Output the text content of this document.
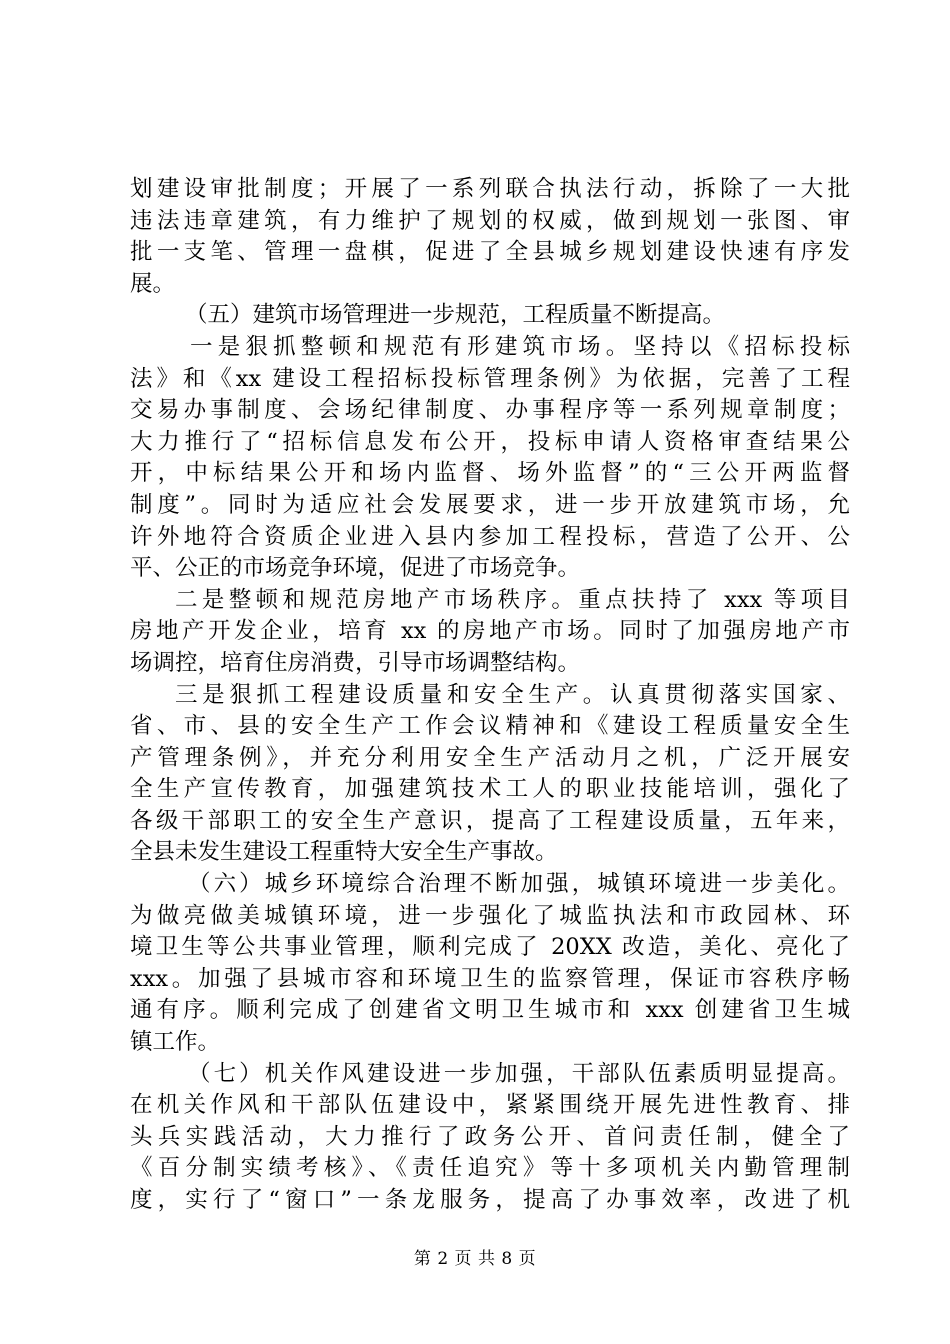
划建设审批制度；开展了一系列联合执法行动，拆除了一大批
违法违章建筑，有力维护了规划的权威，做到规划一张图、审
批一支笔、管理一盘棋，促进了全县城乡规划建设快速有序发
展。
（五）建筑市场管理进一步规范，工程质量不断提高。
一是狠抓整顿和规范有形建筑市场。坚持以《招标投标
法》和《xx 建设工程招标投标管理条例》为依据，完善了工程
交易办事制度、会场纪律制度、办事程序等一系列规章制度；
大力推行了“招标信息发布公开，投标申请人资格审查结果公
开，中标结果公开和场内监督、场外监督”的“三公开两监督
制度”。同时为适应社会发展要求，进一步开放建筑市场，允
许外地符合资质企业进入县内参加工程投标，营造了公开、公
平、公正的市场竞争环境，促进了市场竞争。
二是整顿和规范房地产市场秩序。重点扶持了 xxx 等项目
房地产开发企业，培育 xx 的房地产市场。同时了加强房地产市
场调控，培育住房消费，引导市场调整结构。
三是狠抓工程建设质量和安全生产。认真贯彻落实国家、
省、市、县的安全生产工作会议精神和《建设工程质量安全生
产管理条例》，并充分利用安全生产活动月之机，广泛开展安
全生产宣传教育，加强建筑技术工人的职业技能培训，强化了
各级干部职工的安全生产意识，提高了工程建设质量，五年来，
全县未发生建设工程重特大安全生产事故。
（六）城乡环境综合治理不断加强，城镇环境进一步美化。
为做亮做美城镇环境，进一步强化了城监执法和市政园林、环
境卫生等公共事业管理，顺利完成了 20XX 改造，美化、亮化了
xxx。加强了县城市容和环境卫生的监察管理，保证市容秩序畅
通有序。顺利完成了创建省文明卫生城市和 xxx 创建省卫生城
镇工作。
（七）机关作风建设进一步加强，干部队伍素质明显提高。
在机关作风和干部队伍建设中，紧紧围绕开展先进性教育、排
头兵实践活动，大力推行了政务公开、首问责任制，健全了
《百分制实绩考核》、《责任追究》等十多项机关内勤管理制
度，实行了“窗口”一条龙服务，提高了办事效率，改进了机
第 2 页 共 8 页
